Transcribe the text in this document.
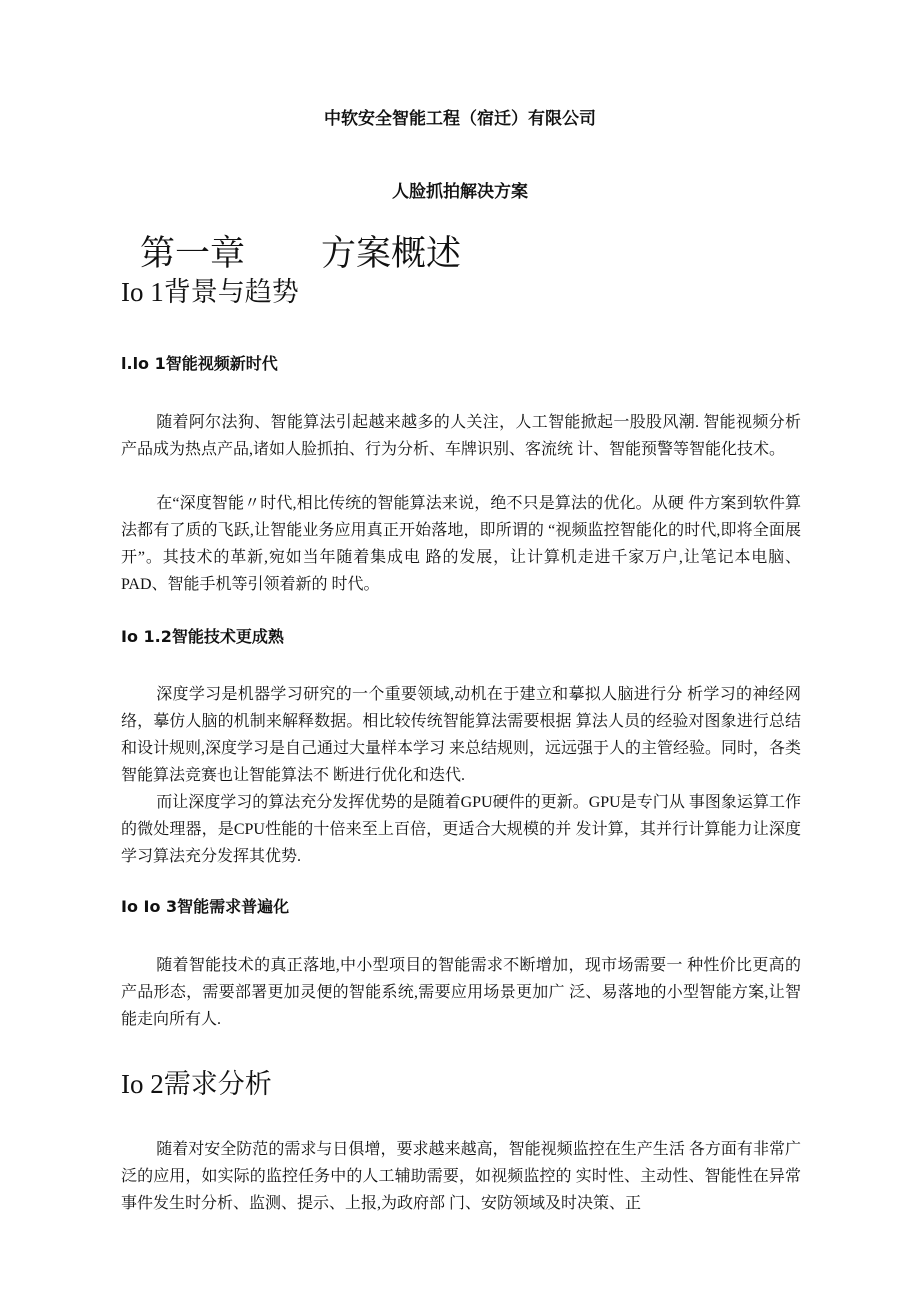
中软安全智能工程（宿迁）有限公司

人脸抓拍解决方案

第一章 方案概述
Io 1背景与趋势
l.lo 1智能视频新时代

随着阿尔法狗、智能算法引起越来越多的人关注，人工智能掀起一股股风潮. 智能视频分析产品成为热点产品,诸如人脸抓拍、行为分析、车牌识别、客流统 计、智能预警等智能化技术。

在“深度智能〃时代,相比传统的智能算法来说，绝不只是算法的优化。从硬 件方案到软件算法都有了质的飞跃,让智能业务应用真正开始落地，即所谓的 “视频监控智能化的时代,即将全面展开”。其技术的革新,宛如当年随着集成电 路的发展，让计算机走进千家万户,让笔记本电脑、PAD、智能手机等引领着新的 时代。

Io 1.2智能技术更成熟

深度学习是机器学习研究的一个重要领域,动机在于建立和摹拟人脑进行分 析学习的神经网络，摹仿人脑的机制来解释数据。相比较传统智能算法需要根据 算法人员的经验对图象进行总结和设计规则,深度学习是自己通过大量样本学习 来总结规则，远远强于人的主管经验。同时，各类智能算法竞赛也让智能算法不 断进行优化和迭代.

而让深度学习的算法充分发挥优势的是随着GPU硬件的更新。GPU是专门从 事图象运算工作的微处理器，是CPU性能的十倍来至上百倍，更适合大规模的并 发计算，其并行计算能力让深度学习算法充分发挥其优势.

Io Io 3智能需求普遍化

随着智能技术的真正落地,中小型项目的智能需求不断增加，现市场需要一 种性价比更高的产品形态，需要部署更加灵便的智能系统,需要应用场景更加广 泛、易落地的小型智能方案,让智能走向所有人.

Io 2需求分析

随着对安全防范的需求与日俱增，要求越来越高，智能视频监控在生产生活 各方面有非常广泛的应用，如实际的监控任务中的人工辅助需要，如视频监控的 实时性、主动性、智能性在异常事件发生时分析、监测、提示、上报,为政府部 门、安防领域及时决策、正
